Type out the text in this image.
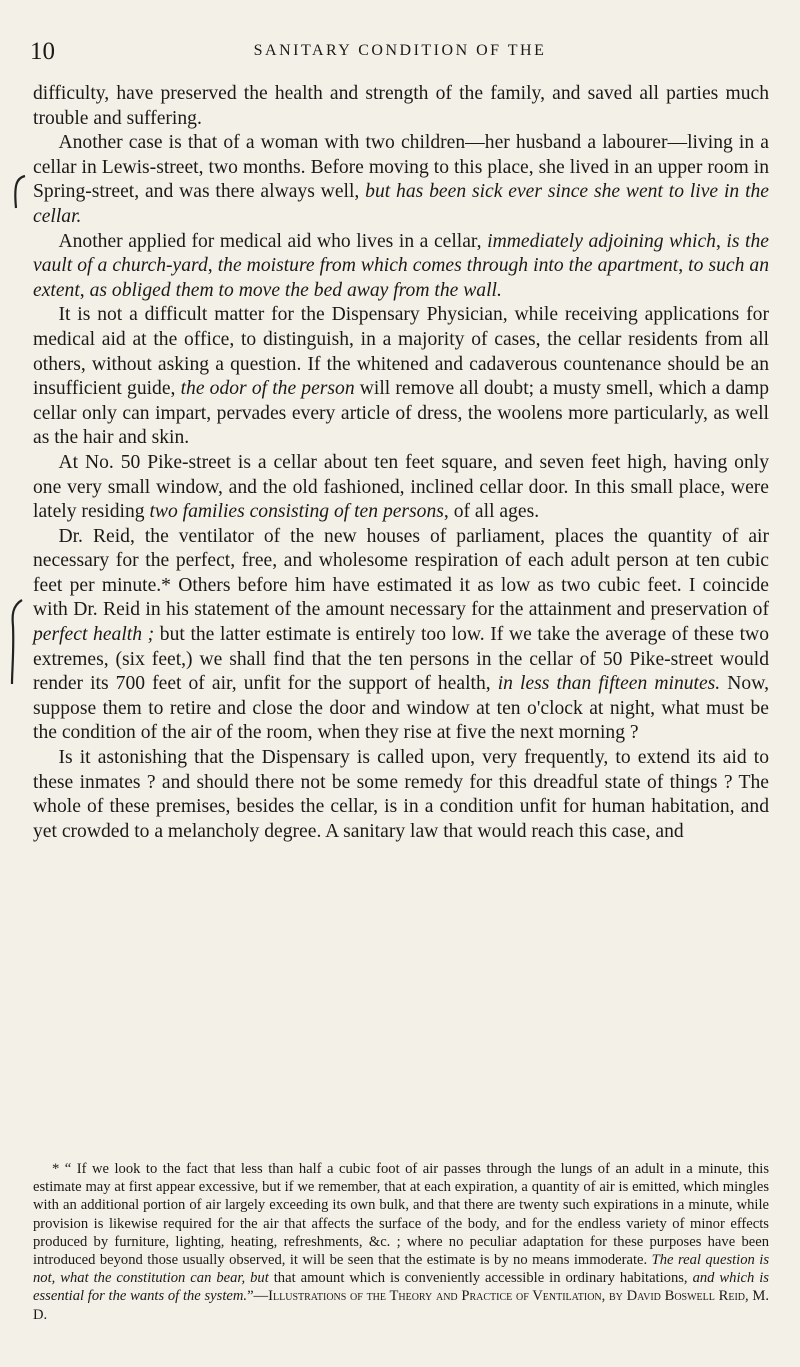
10	SANITARY CONDITION OF THE

difficulty, have preserved the health and strength of the family, and saved all parties much trouble and suffering.

Another case is that of a woman with two children—her husband a labourer—living in a cellar in Lewis-street, two months. Before moving to this place, she lived in an upper room in Spring-street, and was there always well, but has been sick ever since she went to live in the cellar.

Another applied for medical aid who lives in a cellar, immediately adjoining which, is the vault of a church-yard, the moisture from which comes through into the apartment, to such an extent, as obliged them to move the bed away from the wall.

It is not a difficult matter for the Dispensary Physician, while receiving applications for medical aid at the office, to distinguish, in a majority of cases, the cellar residents from all others, without asking a question. If the whitened and cadaverous countenance should be an insufficient guide, the odor of the person will remove all doubt; a musty smell, which a damp cellar only can impart, pervades every article of dress, the woolens more particularly, as well as the hair and skin.

At No. 50 Pike-street is a cellar about ten feet square, and seven feet high, having only one very small window, and the old fashioned, inclined cellar door. In this small place, were lately residing two families consisting of ten persons, of all ages.

Dr. Reid, the ventilator of the new houses of parliament, places the quantity of air necessary for the perfect, free, and wholesome respiration of each adult person at ten cubic feet per minute.* Others before him have estimated it as low as two cubic feet. I coincide with Dr. Reid in his statement of the amount necessary for the attainment and preservation of perfect health ; but the latter estimate is entirely too low. If we take the average of these two extremes, (six feet,) we shall find that the ten persons in the cellar of 50 Pike-street would render its 700 feet of air, unfit for the support of health, in less than fifteen minutes. Now, suppose them to retire and close the door and window at ten o'clock at night, what must be the condition of the air of the room, when they rise at five the next morning ?

Is it astonishing that the Dispensary is called upon, very frequently, to extend its aid to these inmates ? and should there not be some remedy for this dreadful state of things ? The whole of these premises, besides the cellar, is in a condition unfit for human habitation, and yet crowded to a melancholy degree. A sanitary law that would reach this case, and

* “ If we look to the fact that less than half a cubic foot of air passes through the lungs of an adult in a minute, this estimate may at first appear excessive, but if we remember, that at each expiration, a quantity of air is emitted, which mingles with an additional portion of air largely exceeding its own bulk, and that there are twenty such expirations in a minute, while provision is likewise required for the air that affects the surface of the body, and for the endless variety of minor effects produced by furniture, lighting, heating, refreshments, &c. ; where no peculiar adaptation for these purposes have been introduced beyond those usually observed, it will be seen that the estimate is by no means immoderate. The real question is not, what the constitution can bear, but that amount which is conveniently accessible in ordinary habitations, and which is essential for the wants of the system.”—Illustrations of the Theory and Practice of Ventilation, by David Boswell Reid, M. D.
